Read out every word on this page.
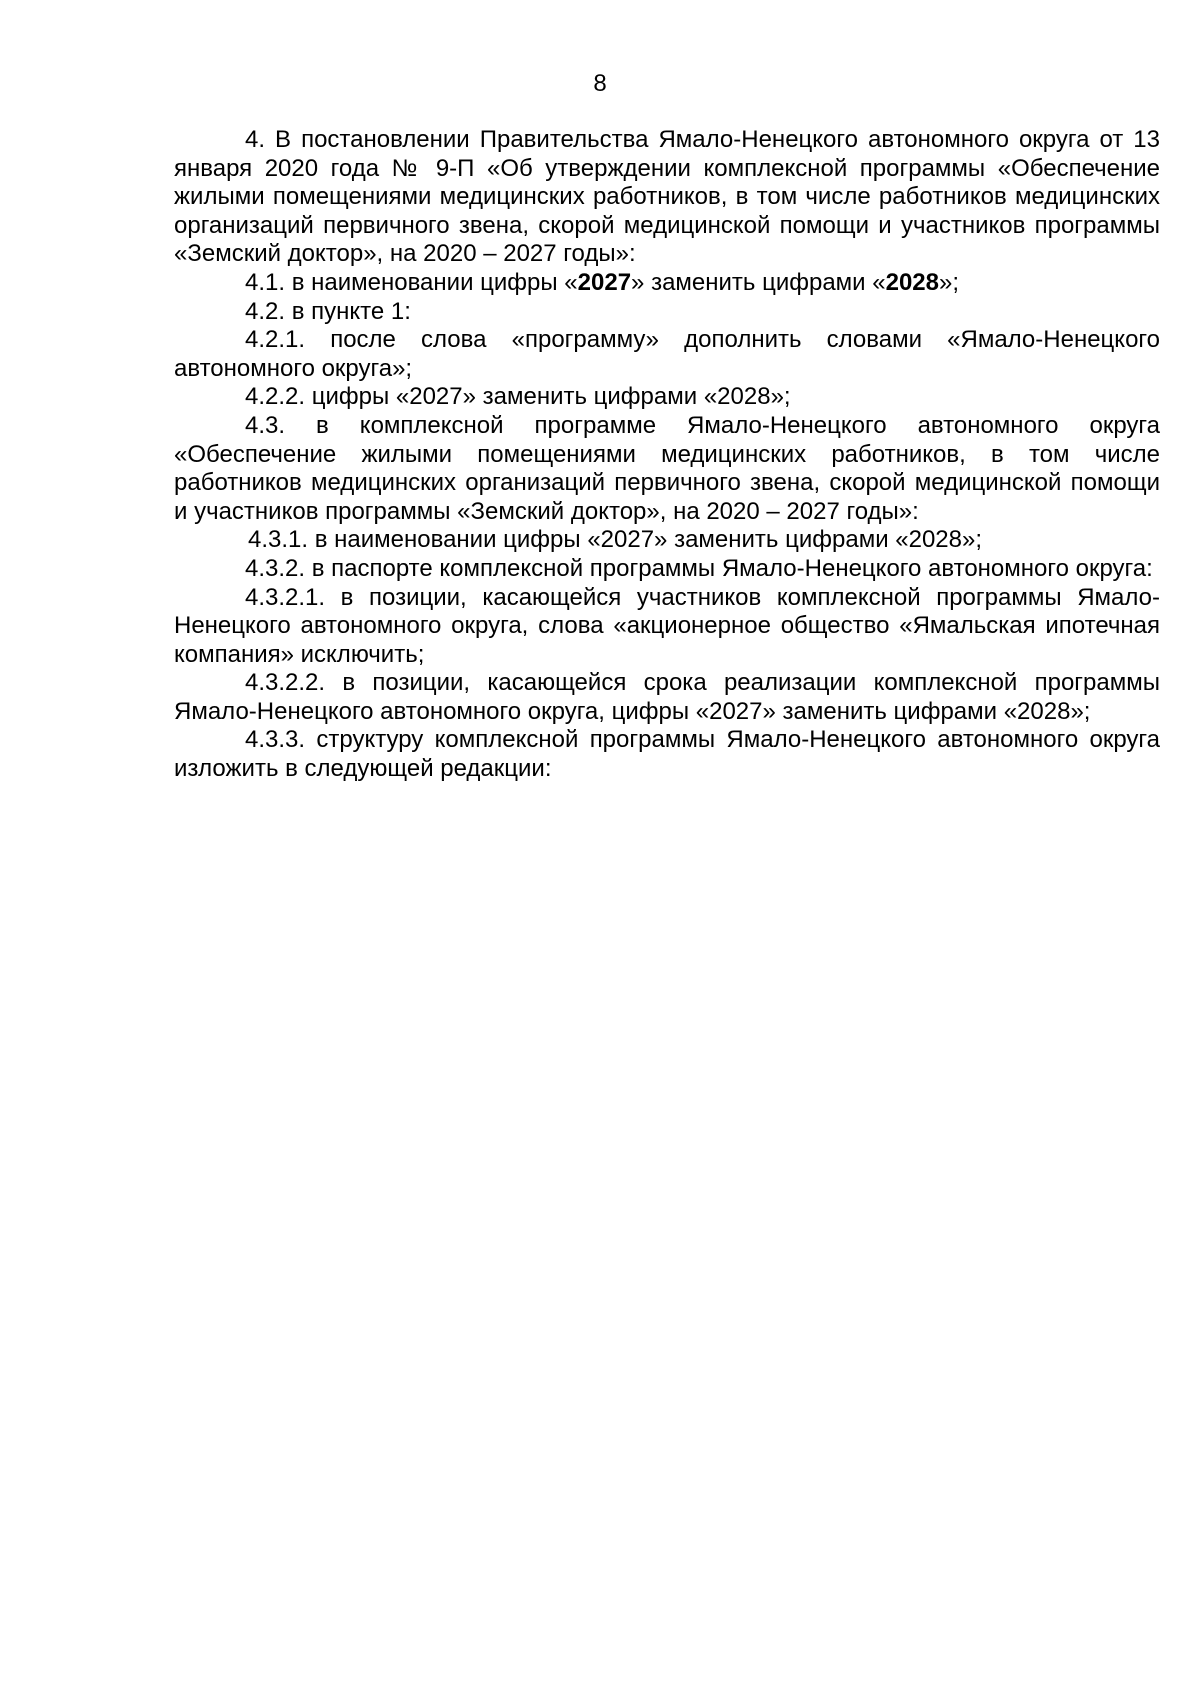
8

4. В постановлении Правительства Ямало-Ненецкого автономного округа от 13 января 2020 года № 9-П «Об утверждении комплексной программы «Обеспечение жилыми помещениями медицинских работников, в том числе работников медицинских организаций первичного звена, скорой медицинской помощи и участников программы «Земский доктор», на 2020 – 2027 годы»:

4.1. в наименовании цифры «2027» заменить цифрами «2028»;

4.2. в пункте 1:

4.2.1. после слова «программу» дополнить словами «Ямало-Ненецкого автономного округа»;

4.2.2. цифры «2027» заменить цифрами «2028»;

4.3. в комплексной программе Ямало-Ненецкого автономного округа «Обеспечение жилыми помещениями медицинских работников, в том числе работников медицинских организаций первичного звена, скорой медицинской помощи и участников программы «Земский доктор», на 2020 – 2027 годы»:

4.3.1. в наименовании цифры «2027» заменить цифрами «2028»;

4.3.2. в паспорте комплексной программы Ямало-Ненецкого автономного округа:

4.3.2.1. в позиции, касающейся участников комплексной программы Ямало-Ненецкого автономного округа, слова «акционерное общество «Ямальская ипотечная компания» исключить;

4.3.2.2. в позиции, касающейся срока реализации комплексной программы Ямало-Ненецкого автономного округа, цифры «2027» заменить цифрами «2028»;

4.3.3. структуру комплексной программы Ямало-Ненецкого автономного округа изложить в следующей редакции:
